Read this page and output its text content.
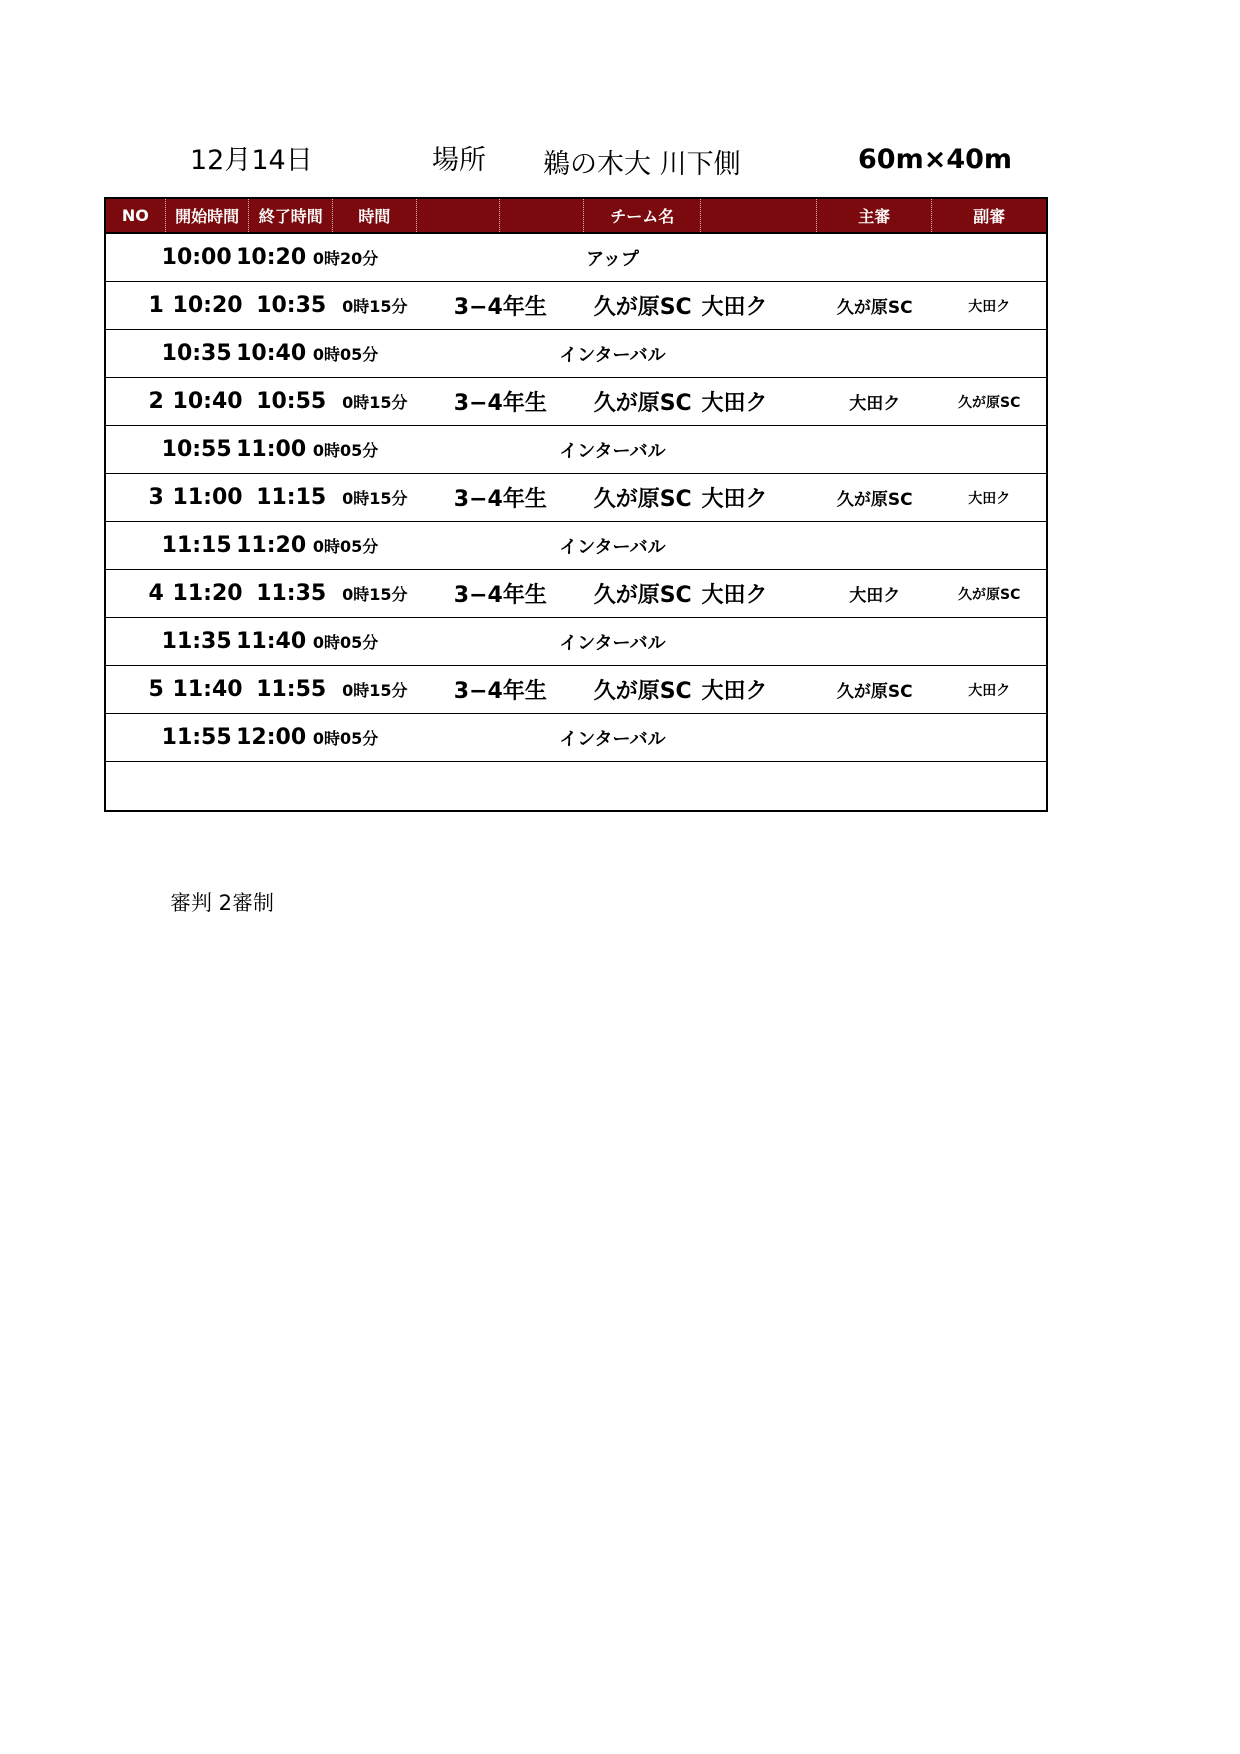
12月14日	場所 鵜の木大 川下側	60m×40m
NO	開始時間	終了時間	時間	チーム名	主審	副審
10:00 10:20 0時20分	アップ
1 10:20 10:35 0時15分	3−4年生	久が原SC 大田ク	久が原SC	大田ク
10:35 10:40 0時05分	インターバル
2 10:40 10:55 0時15分	3−4年生	久が原SC 大田ク	大田ク	久が原SC
10:55 11:00 0時05分	インターバル
3 11:00 11:15 0時15分	3−4年生	久が原SC 大田ク	久が原SC	大田ク
11:15 11:20 0時05分	インターバル
4 11:20 11:35 0時15分	3−4年生	久が原SC 大田ク	大田ク	久が原SC
11:35 11:40 0時05分	インターバル
5 11:40 11:55 0時15分	3−4年生	久が原SC 大田ク	久が原SC	大田ク
11:55 12:00 0時05分	インターバル
審判 2審制
